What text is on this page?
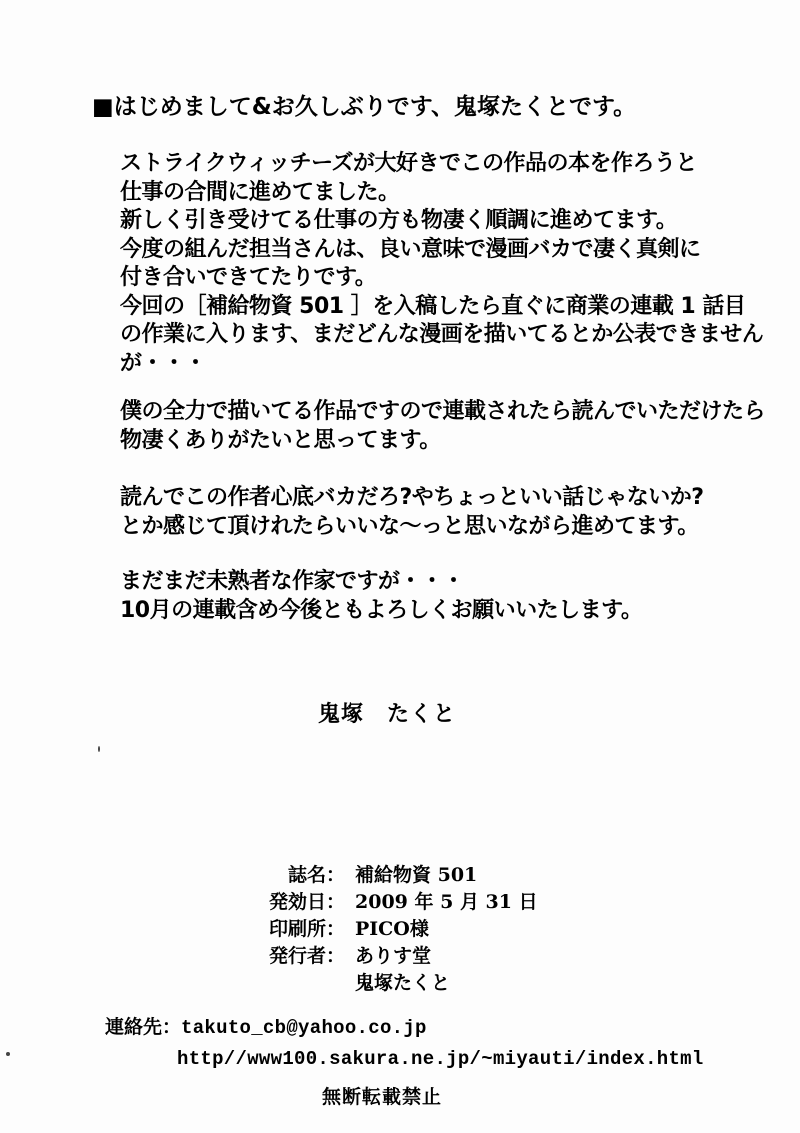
■はじめまして&お久しぶりです、鬼塚たくとです。
ストライクウィッチーズが大好きでこの作品の本を作ろうと
仕事の合間に進めてました。
新しく引き受けてる仕事の方も物凄く順調に進めてます。
今度の組んだ担当さんは、良い意味で漫画バカで凄く真剣に
付き合いできてたりです。
今回の［補給物資 501 ］を入稿したら直ぐに商業の連載 1 話目
の作業に入ります、まだどんな漫画を描いてるとか公表できません
が・・・
僕の全力で描いてる作品ですので連載されたら読んでいただけたら
物凄くありがたいと思ってます。
読んでこの作者心底バカだろ?やちょっといい話じゃないか?
とか感じて頂けれたらいいな〜っと思いながら進めてます。
まだまだ未熟者な作家ですが・・・
10月の連載含め今後ともよろしくお願いいたします。
鬼塚　たくと
誌名： 補給物資 501
発効日： 2009 年 5 月 31 日
印刷所： PICO様
発行者： ありす堂
鬼塚たくと
連絡先：takuto_cb@yahoo.co.jp
http//www100.sakura.ne.jp/~miyauti/index.html
無断転載禁止
